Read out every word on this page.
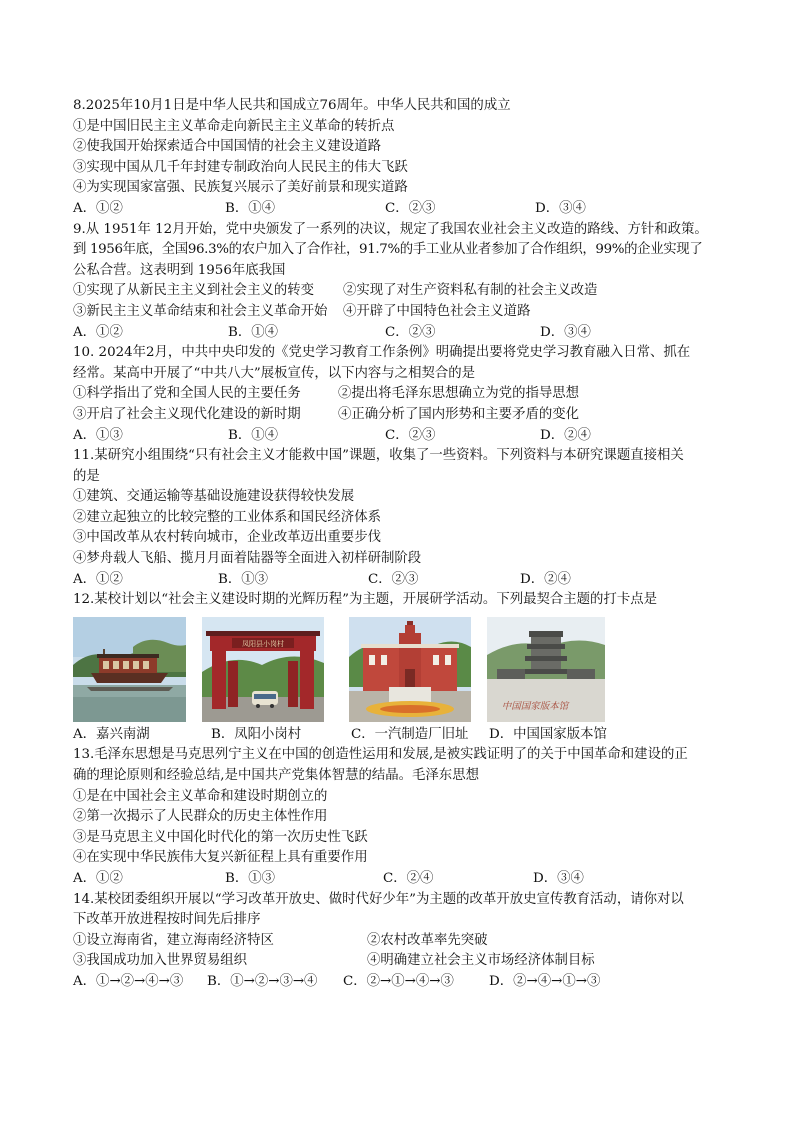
8.2025年10月1日是中华人民共和国成立76周年。中华人民共和国的成立
①是中国旧民主主义革命走向新民主主义革命的转折点
②使我国开始探索适合中国国情的社会主义建设道路
③实现中国从几千年封建专制政治向人民民主的伟大飞跃
④为实现国家富强、民族复兴展示了美好前景和现实道路
A．①②	B．①④	C．②③	D．③④
9.从 1951年 12月开始，党中央颁发了一系列的决议，规定了我国农业社会主义改造的路线、方针和政策。
到 1956年底，全国96.3%的农户加入了合作社，91.7%的手工业从业者参加了合作组织，99%的企业实现了
公私合营。这表明到 1956年底我国
①实现了从新民主主义到社会主义的转变	②实现了对生产资料私有制的社会主义改造
③新民主主义革命结束和社会主义革命开始	④开辟了中国特色社会主义道路
A．①②	B．①④	C．②③	D．③④
10. 2024年2月，中共中央印发的《党史学习教育工作条例》明确提出要将党史学习教育融入日常、抓在
经常。某高中开展了“中共八大”展板宣传，以下内容与之相契合的是
①科学指出了党和全国人民的主要任务	②提出将毛泽东思想确立为党的指导思想
③开启了社会主义现代化建设的新时期	④正确分析了国内形势和主要矛盾的变化
A．①③	B．①④	C．②③	D．②④
11.某研究小组围绕“只有社会主义才能救中国”课题，收集了一些资料。下列资料与本研究课题直接相关
的是
①建筑、交通运输等基础设施建设获得较快发展
②建立起独立的比较完整的工业体系和国民经济体系
③中国改革从农村转向城市，企业改革迈出重要步伐
④梦舟载人飞船、揽月月面着陆器等全面进入初样研制阶段
A．①②	B．①③	C．②③	D．②④
12.某校计划以“社会主义建设时期的光辉历程”为主题，开展研学活动。下列最契合主题的打卡点是
凤阳县小岗村
中国国家版本馆
A．嘉兴南湖	B．凤阳小岗村	C．一汽制造厂旧址	D．中国国家版本馆
13.毛泽东思想是马克思列宁主义在中国的创造性运用和发展,是被实践证明了的关于中国革命和建设的正
确的理论原则和经验总结,是中国共产党集体智慧的结晶。毛泽东思想
①是在中国社会主义革命和建设时期创立的
②第一次揭示了人民群众的历史主体性作用
③是马克思主义中国化时代化的第一次历史性飞跃
④在实现中华民族伟大复兴新征程上具有重要作用
A．①②	B．①③	C．②④	D．③④
14.某校团委组织开展以“学习改革开放史、做时代好少年”为主题的改革开放史宣传教育活动，请你对以
下改革开放进程按时间先后排序
①设立海南省，建立海南经济特区	②农村改革率先突破
③我国成功加入世界贸易组织	④明确建立社会主义市场经济体制目标
A．①→②→④→③	B．①→②→③→④	C．②→①→④→③	D．②→④→①→③
